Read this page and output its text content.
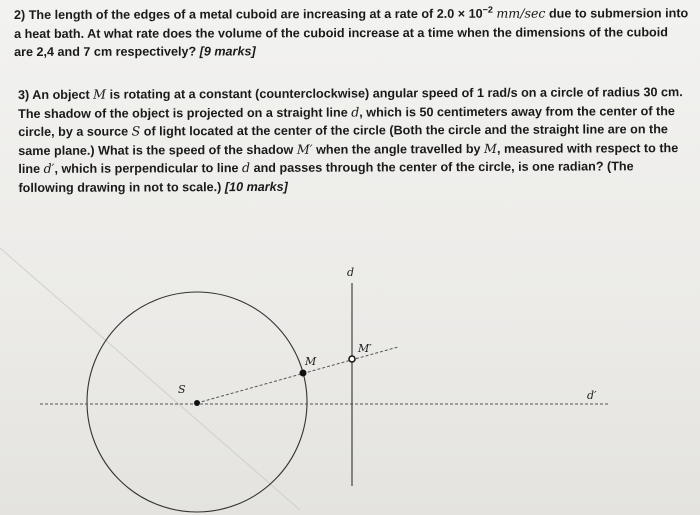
2) The length of the edges of a metal cuboid are increasing at a rate of $2.0 \times 10^{-2}$ mm/sec due to submersion into a heat bath. At what rate does the volume of the cuboid increase at a time when the dimensions of the cuboid are 2,4 and 7 cm respectively? [9 marks]

3) An object M is rotating at a constant (counterclockwise) angular speed of 1 rad/s on a circle of radius 30 cm. The shadow of the object is projected on a straight line d, which is 50 centimeters away from the center of the circle, by a source S of light located at the center of the circle (Both the circle and the straight line are on the same plane.) What is the speed of the shadow M′ when the angle travelled by M, measured with respect to the line d′, which is perpendicular to line d and passes through the center of the circle, is one radian? (The following drawing in not to scale.) [10 marks]

d
M′
M
S	d′
